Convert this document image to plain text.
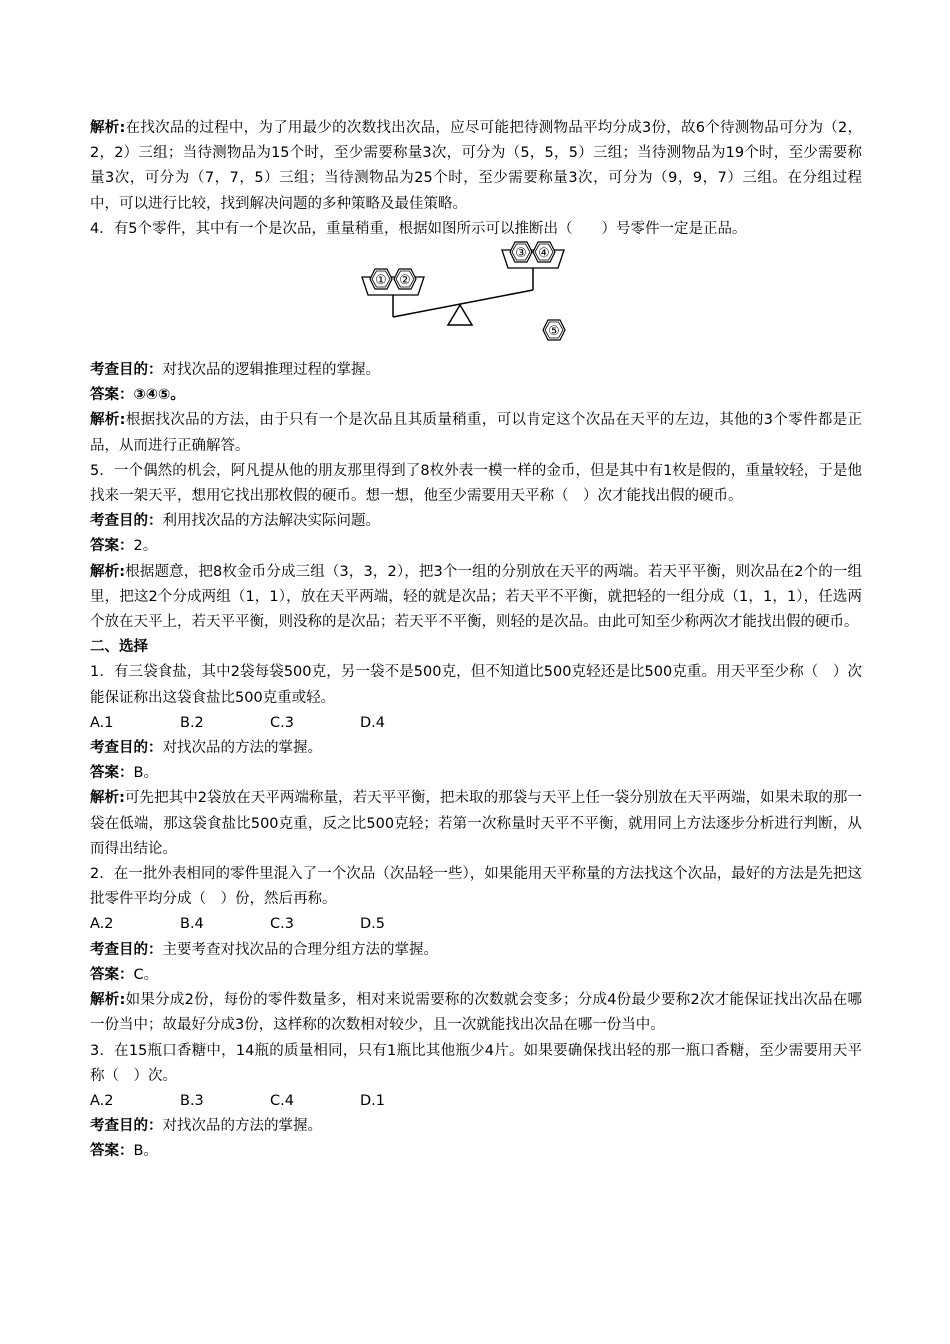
解析:在找次品的过程中，为了用最少的次数找出次品，应尽可能把待测物品平均分成3份，故6个待测物品可分为（2，2，2）三组；当待测物品为15个时，至少需要称量3次，可分为（5，5，5）三组；当待测物品为19个时，至少需要称量3次，可分为（7，7，5）三组；当待测物品为25个时，至少需要称量3次，可分为（9，9，7）三组。在分组过程中，可以进行比较，找到解决问题的多种策略及最佳策略。

4．有5个零件，其中有一个是次品，重量稍重，根据如图所示可以推断出（　　）号零件一定是正品。

① ②
③ ④
⑤

考查目的：对找次品的逻辑推理过程的掌握。

答案：③④⑤。

解析:根据找次品的方法，由于只有一个是次品且其质量稍重，可以肯定这个次品在天平的左边，其他的3个零件都是正品，从而进行正确解答。

5．一个偶然的机会，阿凡提从他的朋友那里得到了8枚外表一模一样的金币，但是其中有1枚是假的，重量较轻，于是他找来一架天平，想用它找出那枚假的硬币。想一想，他至少需要用天平称（　）次才能找出假的硬币。

考查目的：利用找次品的方法解决实际问题。

答案：2。

解析:根据题意，把8枚金币分成三组（3，3，2），把3个一组的分别放在天平的两端。若天平平衡，则次品在2个的一组里，把这2个分成两组（1，1），放在天平两端，轻的就是次品；若天平不平衡，就把轻的一组分成（1，1，1），任选两个放在天平上，若天平平衡，则没称的是次品；若天平不平衡，则轻的是次品。由此可知至少称两次才能找出假的硬币。

二、选择

1．有三袋食盐，其中2袋每袋500克，另一袋不是500克，但不知道比500克轻还是比500克重。用天平至少称（　）次能保证称出这袋食盐比500克重或轻。

A.1	B.2	C.3	D.4

考查目的：对找次品的方法的掌握。

答案：B。

解析:可先把其中2袋放在天平两端称量，若天平平衡，把未取的那袋与天平上任一袋分别放在天平两端，如果未取的那一袋在低端，那这袋食盐比500克重，反之比500克轻；若第一次称量时天平不平衡，就用同上方法逐步分析进行判断，从而得出结论。

2．在一批外表相同的零件里混入了一个次品（次品轻一些），如果能用天平称量的方法找这个次品，最好的方法是先把这批零件平均分成（　）份，然后再称。

A.2	B.4	C.3	D.5

考查目的：主要考查对找次品的合理分组方法的掌握。

答案：C。

解析:如果分成2份，每份的零件数量多，相对来说需要称的次数就会变多；分成4份最少要称2次才能保证找出次品在哪一份当中；故最好分成3份，这样称的次数相对较少，且一次就能找出次品在哪一份当中。

3．在15瓶口香糖中，14瓶的质量相同，只有1瓶比其他瓶少4片。如果要确保找出轻的那一瓶口香糖，至少需要用天平称（　）次。

A.2	B.3	C.4	D.1

考查目的：对找次品的方法的掌握。

答案：B。
